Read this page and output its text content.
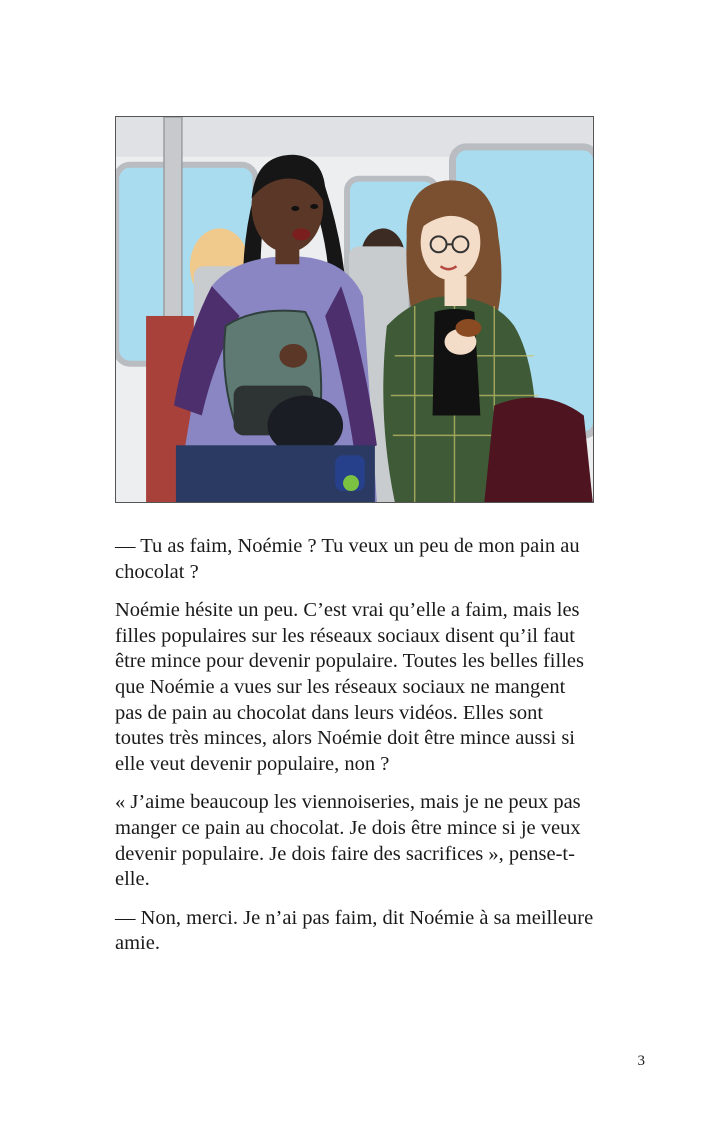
— Tu as faim, Noémie ? Tu veux un peu de mon pain au chocolat ?

Noémie hésite un peu. C’est vrai qu’elle a faim, mais les filles populaires sur les réseaux sociaux disent qu’il faut être mince pour devenir populaire. Toutes les belles filles que Noémie a vues sur les réseaux sociaux ne mangent pas de pain au chocolat dans leurs vidéos. Elles sont toutes très minces, alors Noémie doit être mince aussi si elle veut devenir populaire, non ?

« J’aime beaucoup les viennoiseries, mais je ne peux pas manger ce pain au chocolat. Je dois être mince si je veux devenir populaire. Je dois faire des sacrifices », pense-t-elle.

— Non, merci. Je n’ai pas faim, dit Noémie à sa meilleure amie.

3
